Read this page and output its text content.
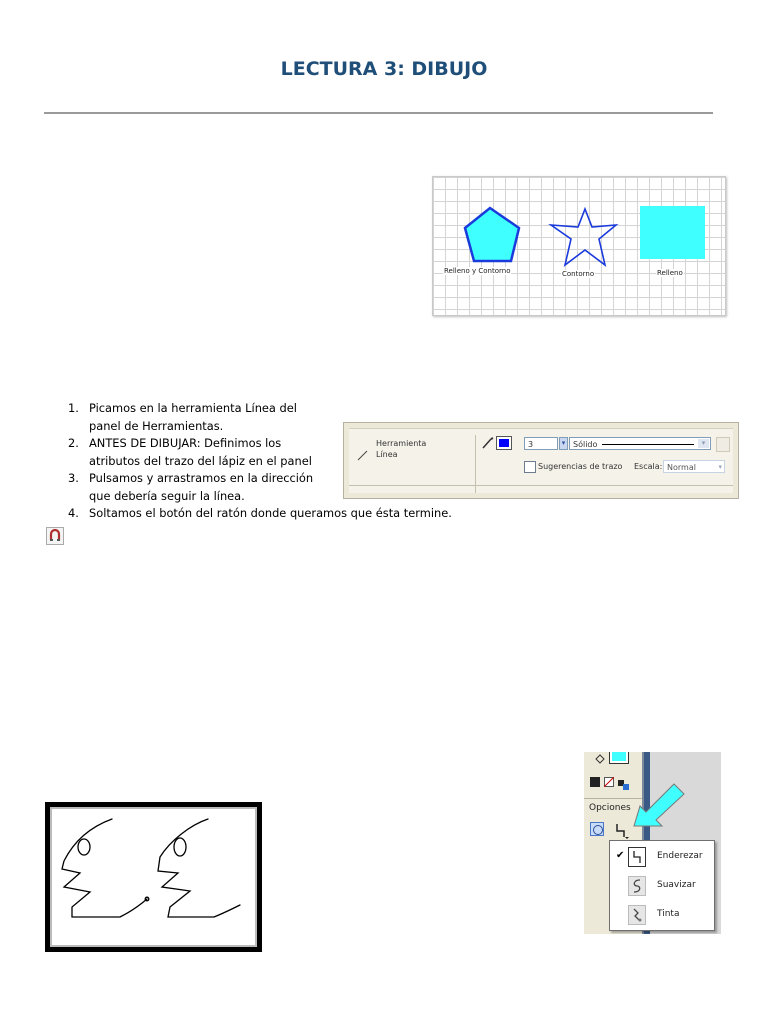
LECTURA 3: DIBUJO
Relleno y Contorno	Contorno	Relleno
1. Picamos en la herramienta Línea del
panel de Herramientas.
2. ANTES DE DIBUJAR: Definimos los
atributos del trazo del lápiz en el panel
3. Pulsamos y arrastramos en la dirección
que debería seguir la línea.
4. Soltamos el botón del ratón donde queramos que ésta termine.
Herramienta
Línea
3	▾ Sólido	▾
Sugerencias de trazo Escala: Normal	▾
Opciones
✔	Enderezar
Suavizar
Tinta
